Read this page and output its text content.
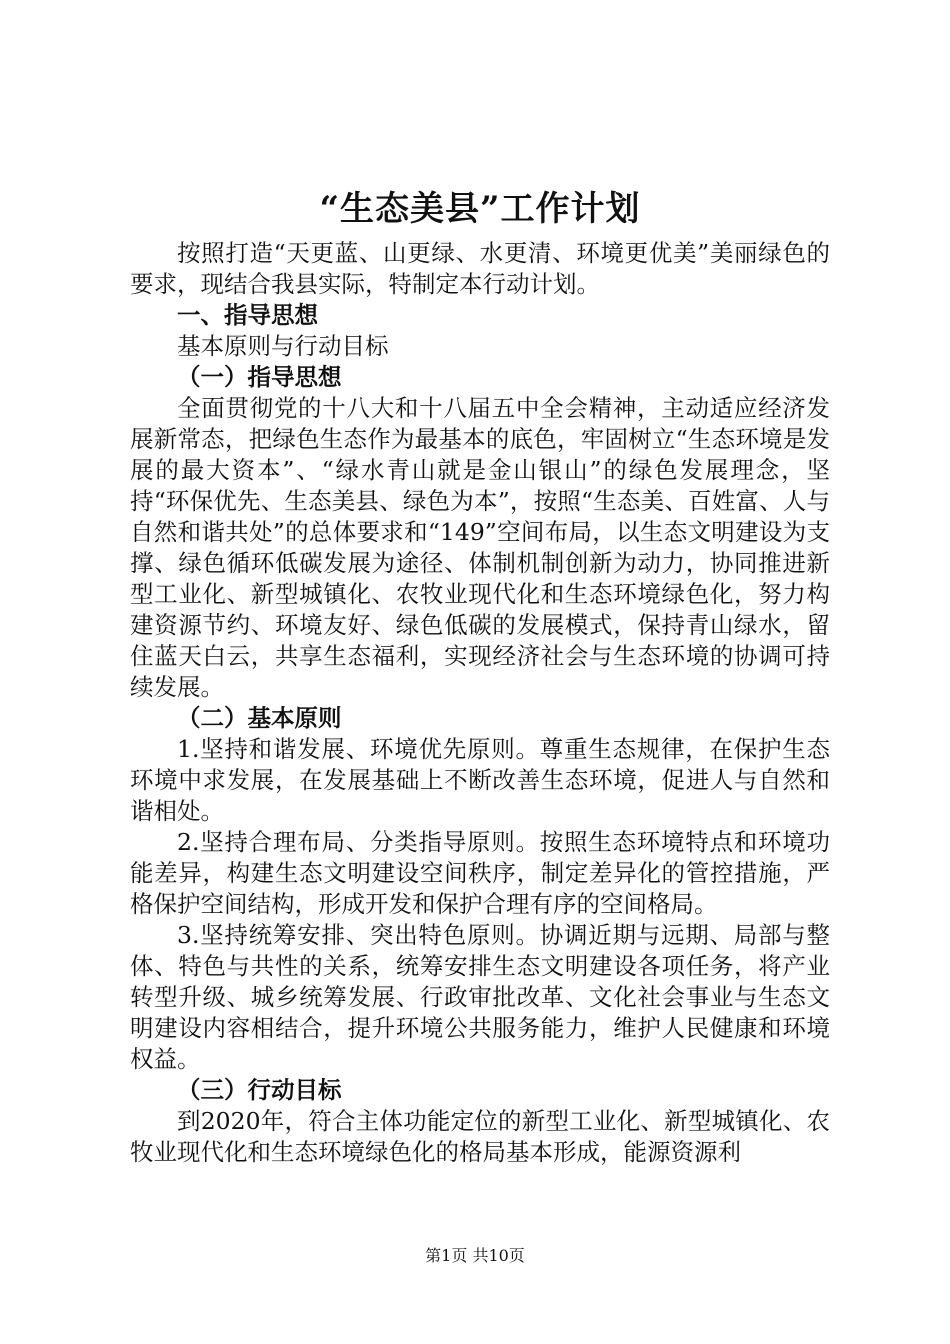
“生态美县”工作计划

按照打造“天更蓝、山更绿、水更清、环境更优美”美丽绿色的要求，现结合我县实际，特制定本行动计划。

一、指导思想

基本原则与行动目标

（一）指导思想

全面贯彻党的十八大和十八届五中全会精神，主动适应经济发展新常态，把绿色生态作为最基本的底色，牢固树立“生态环境是发展的最大资本”、“绿水青山就是金山银山”的绿色发展理念，坚持“环保优先、生态美县、绿色为本”，按照“生态美、百姓富、人与自然和谐共处”的总体要求和“149”空间布局，以生态文明建设为支撑、绿色循环低碳发展为途径、体制机制创新为动力，协同推进新型工业化、新型城镇化、农牧业现代化和生态环境绿色化，努力构建资源节约、环境友好、绿色低碳的发展模式，保持青山绿水，留住蓝天白云，共享生态福利，实现经济社会与生态环境的协调可持续发展。

（二）基本原则

1.坚持和谐发展、环境优先原则。尊重生态规律，在保护生态环境中求发展，在发展基础上不断改善生态环境，促进人与自然和谐相处。

2.坚持合理布局、分类指导原则。按照生态环境特点和环境功能差异，构建生态文明建设空间秩序，制定差异化的管控措施，严格保护空间结构，形成开发和保护合理有序的空间格局。

3.坚持统筹安排、突出特色原则。协调近期与远期、局部与整体、特色与共性的关系，统筹安排生态文明建设各项任务，将产业转型升级、城乡统筹发展、行政审批改革、文化社会事业与生态文明建设内容相结合，提升环境公共服务能力，维护人民健康和环境权益。

（三）行动目标

到2020年，符合主体功能定位的新型工业化、新型城镇化、农牧业现代化和生态环境绿色化的格局基本形成，能源资源利

第1页 共10页
